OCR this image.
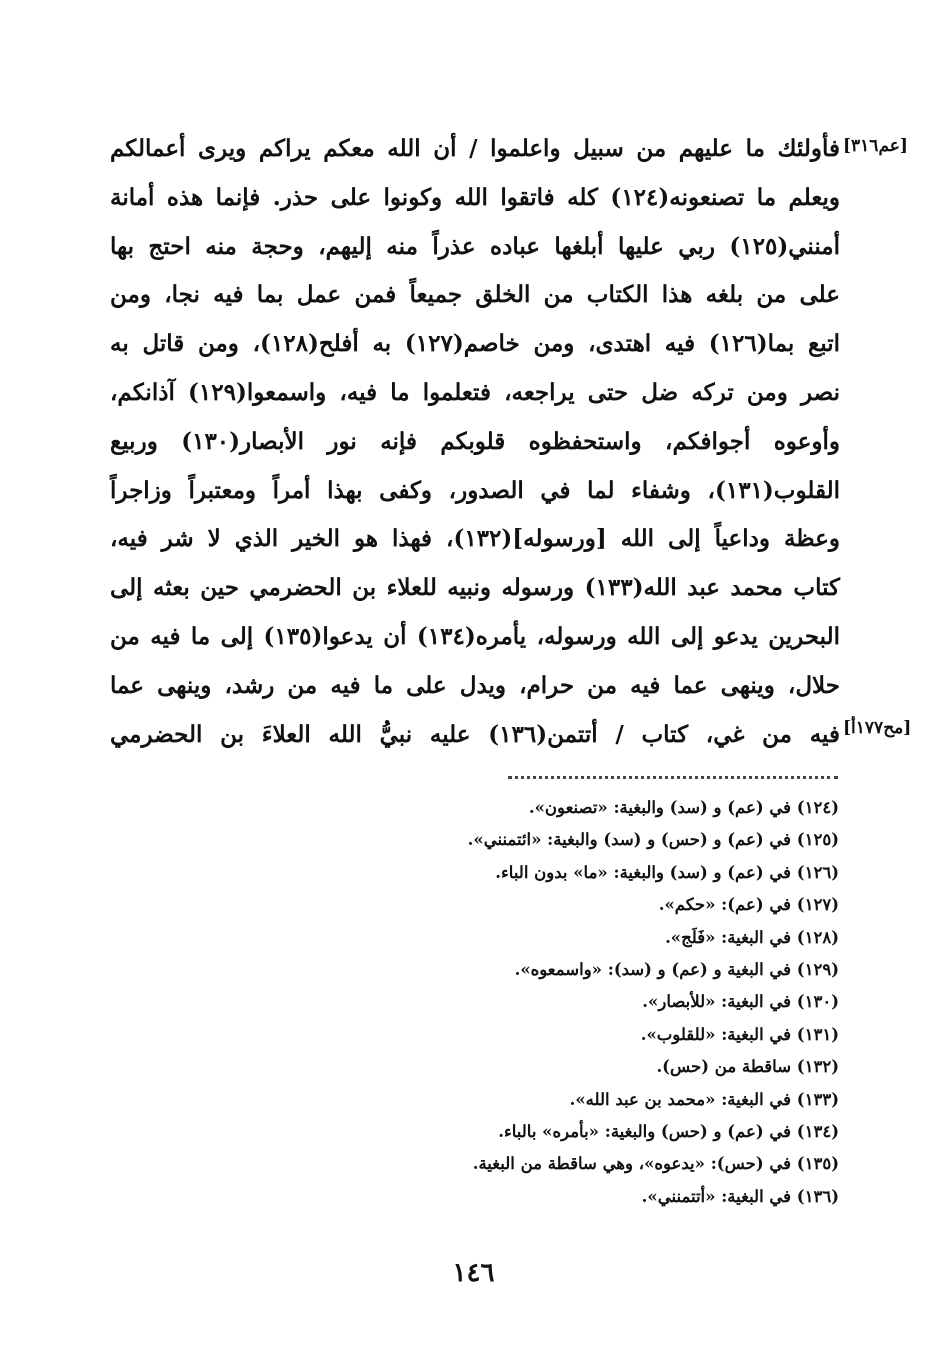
[عم٣١٦]
[مح١٧٧أ]

فأولئك ما عليهم من سبيل واعلموا / أن الله معكم يراكم ويرى أعمالكم

ويعلم ما تصنعونه(١٢٤) كله فاتقوا الله وكونوا على حذر. فإنما هذه أمانة

أمنني(١٢٥) ربي عليها أبلغها عباده عذراً منه إليهم، وحجة منه احتج بها

على من بلغه هذا الكتاب من الخلق جميعاً فمن عمل بما فيه نجا، ومن

اتبع بما(١٢٦) فيه اهتدى، ومن خاصم(١٢٧) به أفلح(١٢٨)، ومن قاتل به

نصر ومن تركه ضل حتى يراجعه، فتعلموا ما فيه، واسمعوا(١٢٩) آذانكم،

وأوعوه أجوافكم، واستحفظوه قلوبكم فإنه نور الأبصار(١٣٠) وربيع

القلوب(١٣١)، وشفاء لما في الصدور، وكفى بهذا أمراً ومعتبراً وزاجراً

وعظة وداعياً إلى الله [ورسوله](١٣٢)، فهذا هو الخير الذي لا شر فيه،

كتاب محمد عبد الله(١٣٣) ورسوله ونبيه للعلاء بن الحضرمي حين بعثه إلى

البحرين يدعو إلى الله ورسوله، يأمره(١٣٤) أن يدعوا(١٣٥) إلى ما فيه من

حلال، وينهى عما فيه من حرام، ويدل على ما فيه من رشد، وينهى عما

فيه من غي، كتاب / أتتمن(١٣٦) عليه نبيُّ الله العلاءَ بن الحضرمي

(١٢٤) في (عم) و (سد) والبغية: «تصنعون».
(١٢٥) في (عم) و (حس) و (سد) والبغية: «ائتمنني».
(١٢٦) في (عم) و (سد) والبغية: «ما» بدون الباء.
(١٢٧) في (عم): «حكم».
(١٢٨) في البغية: «فَلَج».
(١٢٩) في البغية و (عم) و (سد): «واسمعوه».
(١٣٠) في البغية: «للأبصار».
(١٣١) في البغية: «للقلوب».
(١٣٢) ساقطة من (حس).
(١٣٣) في البغية: «محمد بن عبد الله».
(١٣٤) في (عم) و (حس) والبغية: «بأمره» بالباء.
(١٣٥) في (حس): «يدعوه»، وهي ساقطة من البغية.
(١٣٦) في البغية: «أتتمنني».
١٤٦
